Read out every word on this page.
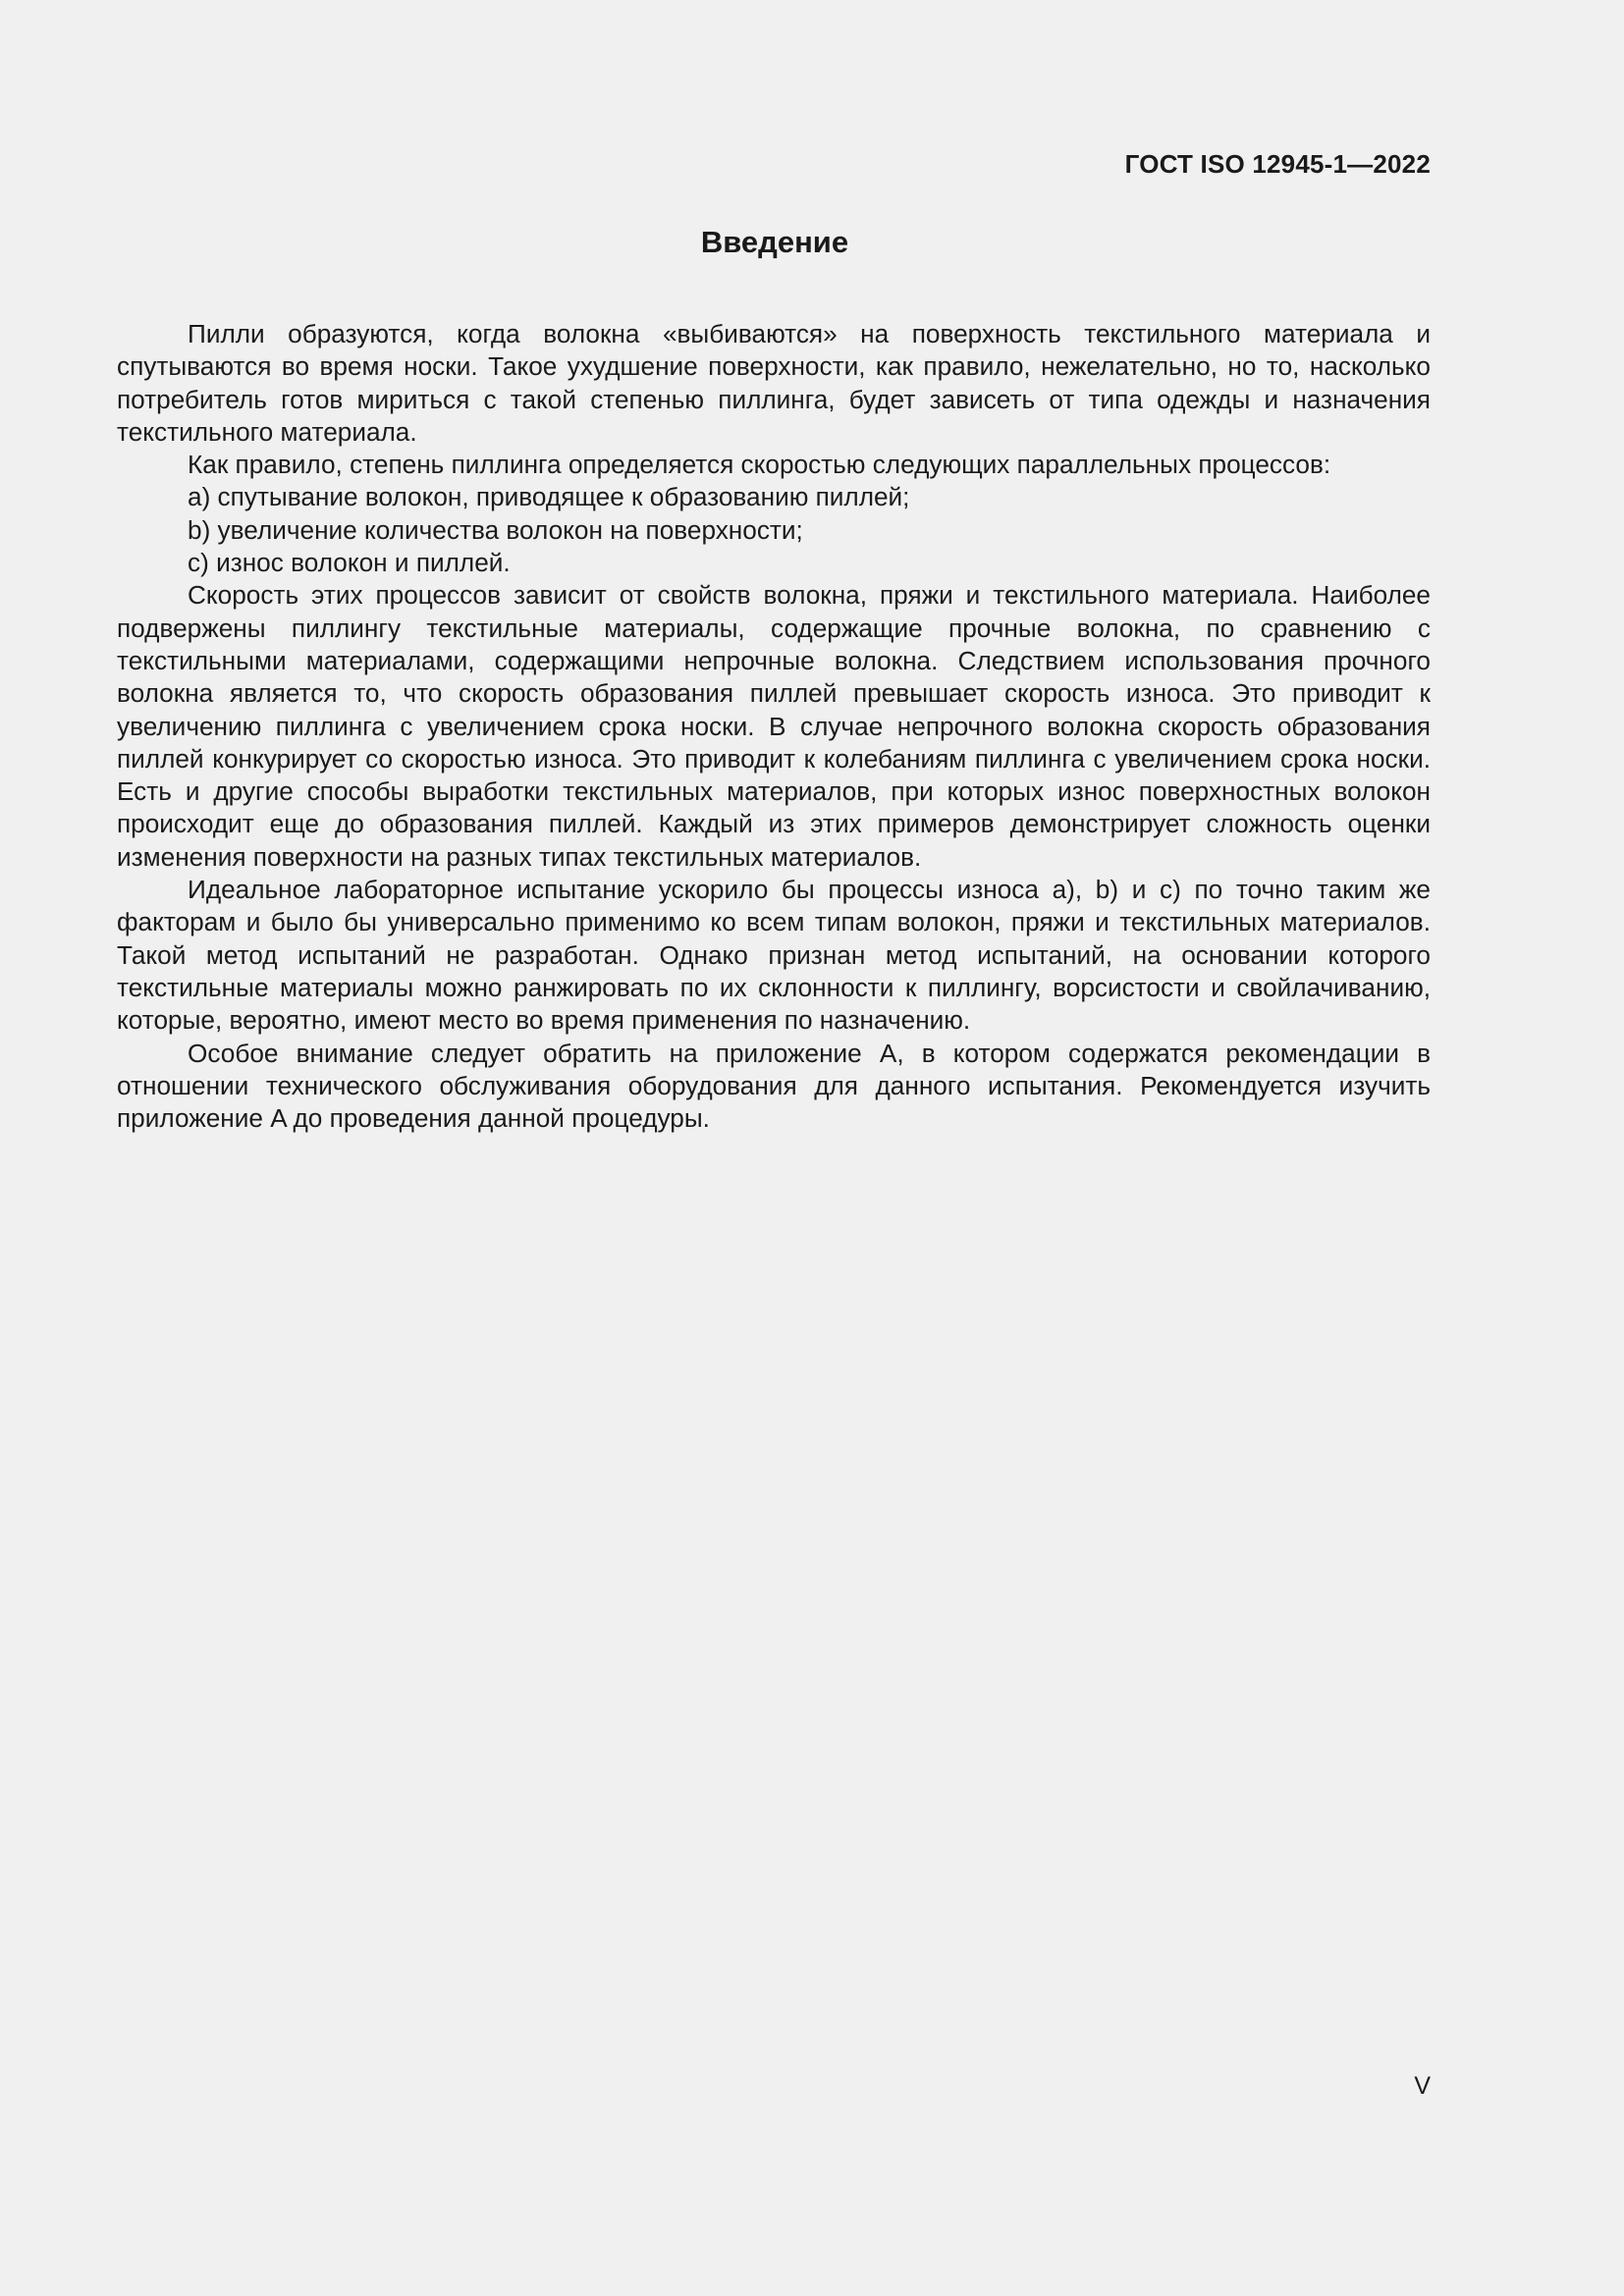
ГОСТ ISO 12945-1—2022
Введение

Пилли образуются, когда волокна «выбиваются» на поверхность текстильного материала и спутываются во время носки. Такое ухудшение поверхности, как правило, нежелательно, но то, насколько потребитель готов мириться с такой степенью пиллинга, будет зависеть от типа одежды и назначения текстильного материала.

Как правило, степень пиллинга определяется скоростью следующих параллельных процессов:

a) спутывание волокон, приводящее к образованию пиллей;

b) увеличение количества волокон на поверхности;

c) износ волокон и пиллей.

Скорость этих процессов зависит от свойств волокна, пряжи и текстильного материала. Наиболее подвержены пиллингу текстильные материалы, содержащие прочные волокна, по сравнению с текстильными материалами, содержащими непрочные волокна. Следствием использования прочного волокна является то, что скорость образования пиллей превышает скорость износа. Это приводит к увеличению пиллинга с увеличением срока носки. В случае непрочного волокна скорость образования пиллей конкурирует со скоростью износа. Это приводит к колебаниям пиллинга с увеличением срока носки. Есть и другие способы выработки текстильных материалов, при которых износ поверхностных волокон происходит еще до образования пиллей. Каждый из этих примеров демонстрирует сложность оценки изменения поверхности на разных типах текстильных материалов.

Идеальное лабораторное испытание ускорило бы процессы износа a), b) и c) по точно таким же факторам и было бы универсально применимо ко всем типам волокон, пряжи и текстильных материалов. Такой метод испытаний не разработан. Однако признан метод испытаний, на основании которого текстильные материалы можно ранжировать по их склонности к пиллингу, ворсистости и свойлачиванию, которые, вероятно, имеют место во время применения по назначению.

Особое внимание следует обратить на приложение A, в котором содержатся рекомендации в отношении технического обслуживания оборудования для данного испытания. Рекомендуется изучить приложение A до проведения данной процедуры.

V
